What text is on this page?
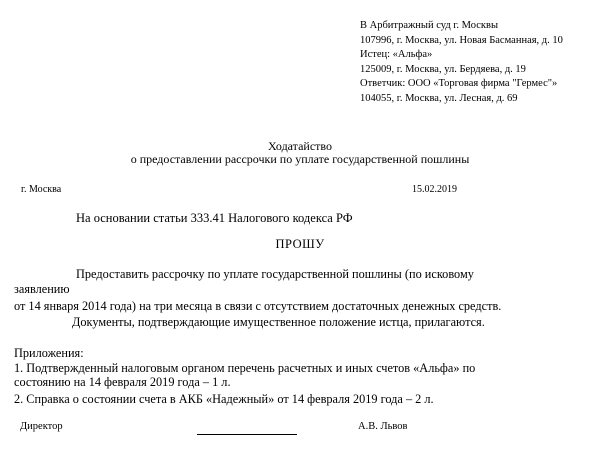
В Арбитражный суд г. Москвы
107996, г. Москва, ул. Новая Басманная, д. 10
Истец: «Альфа»
125009, г. Москва, ул. Бердяева, д. 19
Ответчик: ООО «Торговая фирма "Гермес"»
104055, г. Москва, ул. Лесная, д. 69
Ходатайство
о предоставлении рассрочки по уплате государственной пошлины
г. Москва	15.02.2019
На основании статьи 333.41 Налогового кодекса РФ
ПРОШУ
Предоставить рассрочку по уплате государственной пошлины (по исковому
заявлению
от 14 января 2014 года) на три месяца в связи с отсутствием достаточных денежных средств.
Документы, подтверждающие имущественное положение истца, прилагаются.
Приложения:
1. Подтвержденный налоговым органом перечень расчетных и иных счетов «Альфа» по
состоянию на 14 февраля 2019 года – 1 л.
2. Справка о состоянии счета в АКБ «Надежный» от 14 февраля 2019 года – 2 л.
Директор	А.В. Львов
